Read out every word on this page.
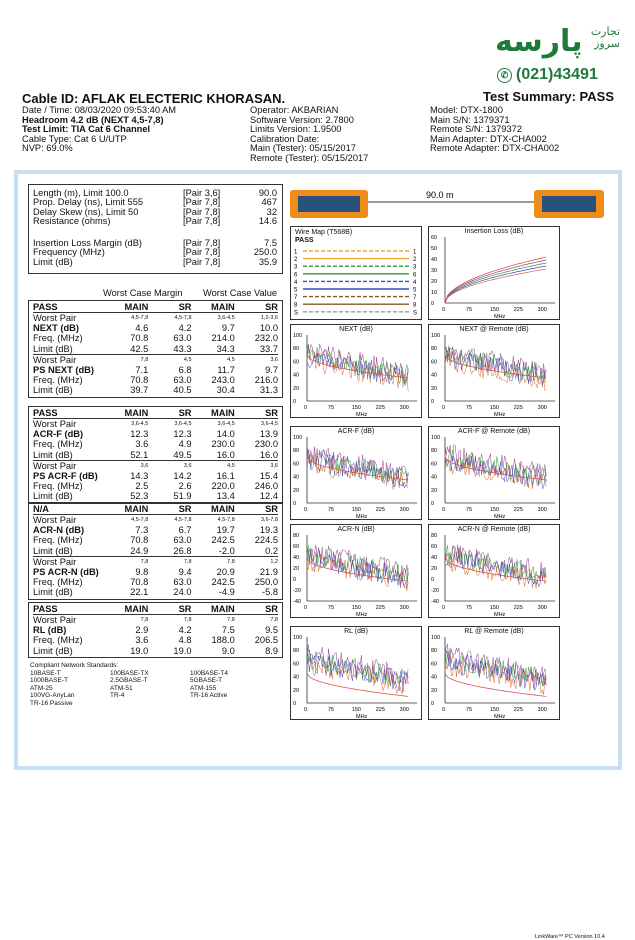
پارسه تجارت
سروز
✆ (021)43491
Cable ID: AFLAK ELECTERIC KHORASAN.	Test Summary: PASS
Date / Time: 08/03/2020 09:53:40 AM
Headroom 4.2 dB (NEXT 4,5-7,8)
Test Limit: TIA Cat 6 Channel
Cable Type: Cat 6 U/UTP
NVP: 69.0%
Operator: AKBARIAN
Software Version: 2.7800
Limits Version: 1.9500
Calibration Date:
Main (Tester): 05/15/2017
Remote (Tester): 05/15/2017
Model: DTX-1800
Main S/N: 1379371
Remote S/N: 1379372
Main Adapter: DTX-CHA002
Remote Adapter: DTX-CHA002
Length (m), Limit 100.0	[Pair 3,6]	90.0
Prop. Delay (ns), Limit 555	[Pair 7,8]	467
Delay Skew (ns), Limit 50	[Pair 7,8]	32
Resistance (ohms)	[Pair 7,8]	14.6
Insertion Loss Margin (dB)	[Pair 7,8]	7.5
Frequency (MHz)	[Pair 7,8]	250.0
Limit (dB)	[Pair 7,8]	35.9
Worst Case Margin Worst Case Value
PASS	MAIN	SR	MAIN	SR
Worst Pair	4,5-7,8	4,5-7,8	3,6-4,5	1,2-3,6
NEXT (dB)	4.6	4.2	9.7	10.0
Freq. (MHz)	70.8	63.0	214.0	232.0
Limit (dB)	42.5	43.3	34.3	33.7
Worst Pair	7,8	4,5	4,5	3,6
PS NEXT (dB)	7.1	6.8	11.7	9.7
Freq. (MHz)	70.8	63.0	243.0	216.0
Limit (dB)	39.7	40.5	30.4	31.3
PASS	MAIN	SR	MAIN	SR
Worst Pair	3,6-4,5	3,6-4,5	3,6-4,5	3,6-4,5
ACR-F (dB)	12.3	12.3	14.0	13.9
Freq. (MHz)	3.6	4.9	230.0	230.0
Limit (dB)	52.1	49.5	16.0	16.0
Worst Pair	3,6	3,6	4,5	3,6
PS ACR-F (dB)	14.3	14.2	16.1	15.4
Freq. (MHz)	2.5	2.6	220.0	246.0
Limit (dB)	52.3	51.9	13.4	12.4
N/A	MAIN	SR	MAIN	SR
Worst Pair	4,5-7,8	4,5-7,8	4,5-7,8	3,6-7,8
ACR-N (dB)	7.3	6.7	19.7	19.3
Freq. (MHz)	70.8	63.0	242.5	224.5
Limit (dB)	24.9	26.8	-2.0	0.2
Worst Pair	7,8	7,8	7,8	1,2
PS ACR-N (dB)	9.8	9.4	20.9	21.9
Freq. (MHz)	70.8	63.0	242.5	250.0
Limit (dB)	22.1	24.0	-4.9	-5.8
PASS	MAIN	SR	MAIN	SR
Worst Pair	7,8	7,8	7,8	7,8
RL (dB)	2.9	4.2	7.5	9.5
Freq. (MHz)	3.6	4.8	188.0	206.5
Limit (dB)	19.0	19.0	9.0	8.9
Compliant Network Standards:
10BASE-T	100BASE-TX	100BASE-T4
1000BASE-T	2.5GBASE-T	5GBASE-T
ATM-25	ATM-51	ATM-155
100VG-AnyLan	TR-4	TR-16 Active
TR-16 Passive
90.0 m
Wire Map (T568B)
PASS
1	1
2	2
3	3
6	6
4	4
5	5
7	7
8	8
S	S
Insertion Loss (dB)
60
50
40
30
20
10
0
0	75	150	225	300
MHz
NEXT (dB)
100
80
60
40
20
0
0	75	150	225	300
MHz
NEXT @ Remote (dB)
100
80
60
40
20
0
0	75	150	225	300
MHz
ACR-F (dB)
100
80
60
40
20
0
0	75	150	225	300
MHz
ACR-F @ Remote (dB)
100
80
60
40
20
0
0	75	150	225	300
MHz
ACR-N (dB)
80
60
40
20
0
-20
-40
0	75	150	225	300
MHz
ACR-N @ Remote (dB)
80
60
40
20
0
-20
-40
0	75	150	225	300
MHz
RL (dB)
100
80
60
40
20
0
0	75	150	225	300
MHz
RL @ Remote (dB)
100
80
60
40
20
0
0	75	150	225	300
MHz
LinkWare™ PC Version 10.4
